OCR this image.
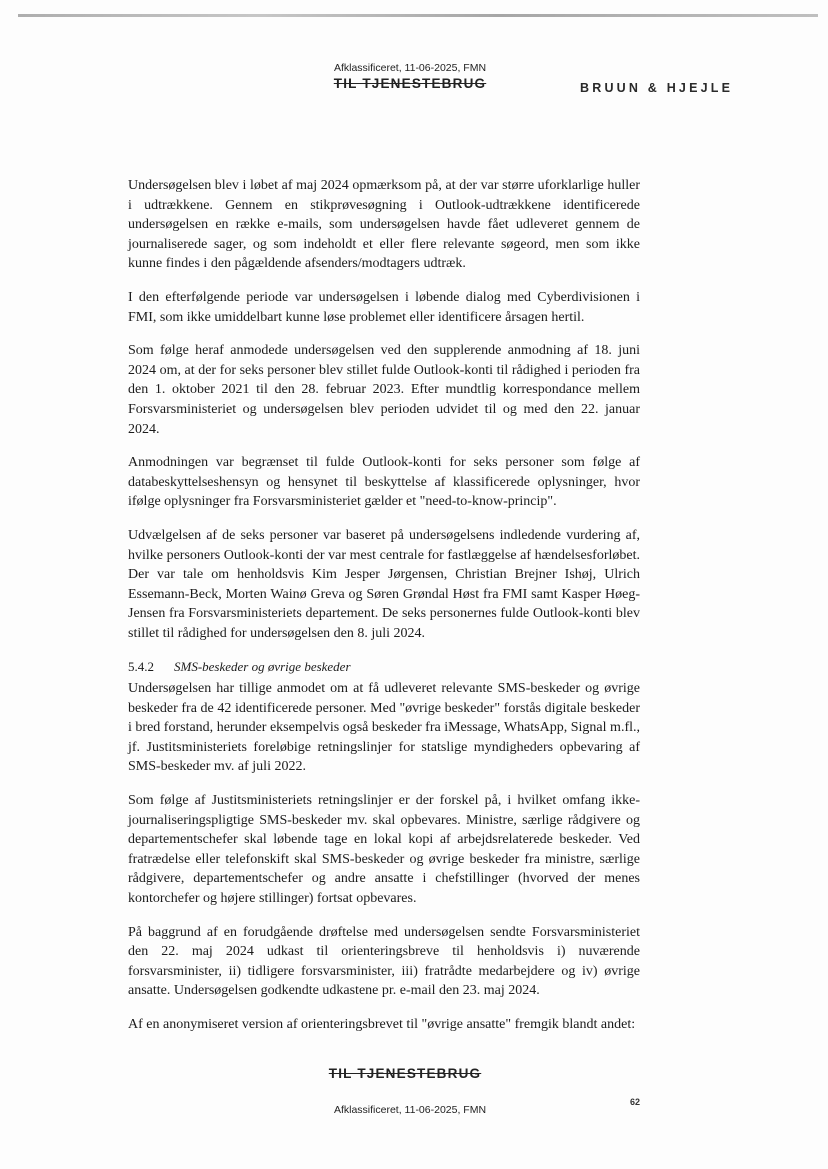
Afklassificeret, 11-06-2025, FMN
TIL TJENESTEBRUG	BRUUN & HJEJLE

Undersøgelsen blev i løbet af maj 2024 opmærksom på, at der var større uforklarlige huller i udtrækkene. Gennem en stikprøvesøgning i Outlook-udtrækkene identificerede undersøgelsen en række e-mails, som undersøgelsen havde fået udleveret gennem de journaliserede sager, og som indeholdt et eller flere relevante søgeord, men som ikke kunne findes i den pågældende afsenders/modtagers udtræk.

I den efterfølgende periode var undersøgelsen i løbende dialog med Cyberdivisionen i FMI, som ikke umiddelbart kunne løse problemet eller identificere årsagen hertil.

Som følge heraf anmodede undersøgelsen ved den supplerende anmodning af 18. juni 2024 om, at der for seks personer blev stillet fulde Outlook-konti til rådighed i perioden fra den 1. oktober 2021 til den 28. februar 2023. Efter mundtlig korrespondance mellem Forsvarsministeriet og undersøgelsen blev perioden udvidet til og med den 22. januar 2024.

Anmodningen var begrænset til fulde Outlook-konti for seks personer som følge af databeskyttelseshensyn og hensynet til beskyttelse af klassificerede oplysninger, hvor ifølge oplysninger fra Forsvarsministeriet gælder et "need-to-know-princip".

Udvælgelsen af de seks personer var baseret på undersøgelsens indledende vurdering af, hvilke personers Outlook-konti der var mest centrale for fastlæggelse af hændelsesforløbet. Der var tale om henholdsvis Kim Jesper Jørgensen, Christian Brejner Ishøj, Ulrich Essemann-Beck, Morten Wainø Greva og Søren Grøndal Høst fra FMI samt Kasper Høeg-Jensen fra Forsvarsministeriets departement. De seks personernes fulde Outlook-konti blev stillet til rådighed for undersøgelsen den 8. juli 2024.

5.4.2 SMS-beskeder og øvrige beskeder

Undersøgelsen har tillige anmodet om at få udleveret relevante SMS-beskeder og øvrige beskeder fra de 42 identificerede personer. Med "øvrige beskeder" forstås digitale beskeder i bred forstand, herunder eksempelvis også beskeder fra iMessage, WhatsApp, Signal m.fl., jf. Justitsministeriets foreløbige retningslinjer for statslige myndigheders opbevaring af SMS-beskeder mv. af juli 2022.

Som følge af Justitsministeriets retningslinjer er der forskel på, i hvilket omfang ikke-journaliseringspligtige SMS-beskeder mv. skal opbevares. Ministre, særlige rådgivere og departementschefer skal løbende tage en lokal kopi af arbejdsrelaterede beskeder. Ved fratrædelse eller telefonskift skal SMS-beskeder og øvrige beskeder fra ministre, særlige rådgivere, departementschefer og andre ansatte i chefstillinger (hvorved der menes kontorchefer og højere stillinger) fortsat opbevares.

På baggrund af en forudgående drøftelse med undersøgelsen sendte Forsvarsministeriet den 22. maj 2024 udkast til orienteringsbreve til henholdsvis i) nuværende forsvarsminister, ii) tidligere forsvarsminister, iii) fratrådte medarbejdere og iv) øvrige ansatte. Undersøgelsen godkendte udkastene pr. e-mail den 23. maj 2024.

Af en anonymiseret version af orienteringsbrevet til "øvrige ansatte" fremgik blandt andet:

TIL TJENESTEBRUG
62
Afklassificeret, 11-06-2025, FMN
